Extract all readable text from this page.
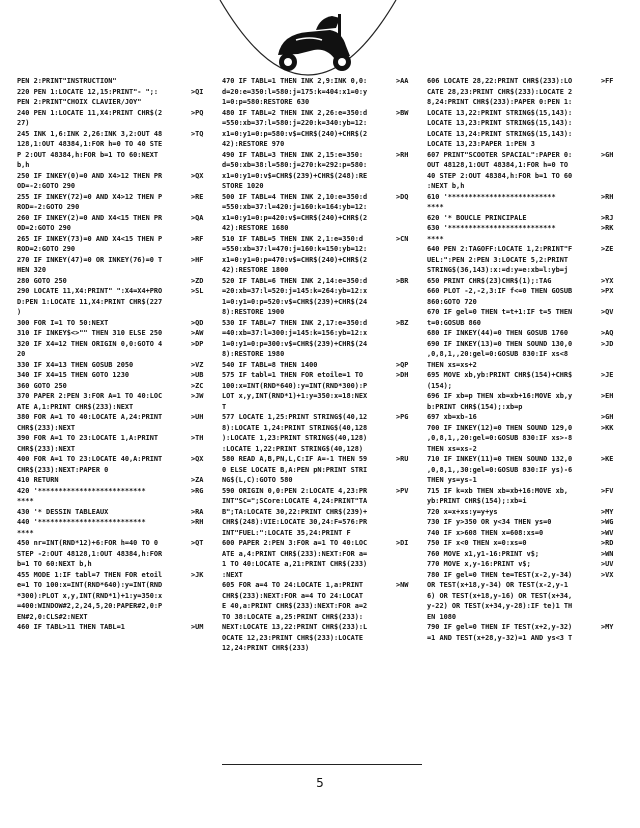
PEN 2:PRINT"INSTRUCTION"
220 PEN 1:LOCATE 12,15:PRINT"- ";:	>QI
PEN 2:PRINT"CHOIX CLAVIER/JOY"
240 PEN 1:LOCATE 11,X4:PRINT CHR$(2	>PQ
27)
245 INK 1,6:INK 2,26:INK 3,2:OUT 48	>TQ
128,1:OUT 48384,1:FOR h=0 TO 40 STE
P 2:OUT 48384,h:FOR b=1 TO 60:NEXT
b,h
250 IF INKEY(0)=0 AND X4>12 THEN PR	>QX
OD=-2:GOTO 290
255 IF INKEY(72)=0 AND X4>12 THEN P	>RE
ROD=-2:GOTO 290
260 IF INKEY(2)=0 AND X4<15 THEN PR	>QA
OD=2:GOTO 290
265 IF INKEY(73)=0 AND X4<15 THEN P	>RF
ROD=2:GOTO 290
270 IF INKEY(47)=0 OR INKEY(76)=0 T	>HF
HEN 320
280 GOTO 250	>ZD
290 LOCATE 11,X4:PRINT" ":X4=X4+PRO	>SL
D:PEN 1:LOCATE 11,X4:PRINT CHR$(227
)
300 FOR I=1 TO 50:NEXT	>QD
310 IF INKEY$<>"" THEN 310 ELSE 250	>AW
320 IF X4=12 THEN ORIGIN 0,0:GOTO 4	>DP
20
330 IF X4=13 THEN GOSUB 2050	>VZ
340 IF X4=15 THEN GOTO 1230	>UB
360 GOTO 250	>ZC
370 PAPER 2:PEN 3:FOR A=1 TO 40:LOC	>JW
ATE A,1:PRINT CHR$(233):NEXT
380 FOR A=1 TO 40:LOCATE A,24:PRINT	>UH
CHR$(233):NEXT
390 FOR A=1 TO 23:LOCATE 1,A:PRINT	>TH
CHR$(233):NEXT
400 FOR A=1 TO 23:LOCATE 40,A:PRINT	>QX
CHR$(233):NEXT:PAPER 0
410 RETURN	>ZA
420 '**************************	>RG
****
430 '* DESSIN TABLEAUX	>RA
440 '**************************	>RH
****
450 nr=INT(RND*12)+6:FOR h=40 TO 0	>QT
STEP -2:OUT 48128,1:OUT 48384,h:FOR
b=1 TO 60:NEXT b,h
455 MODE 1:IF tabl=7 THEN FOR etoil	>JK
e=1 TO 100:x=INT(RND*640):y=INT(RND
*300):PLOT x,y,INT(RND*1)+1:y=350:x
=400:WINDOW#2,2,24,5,20:PAPER#2,0:P
EN#2,0:CLS#2:NEXT
460 IF TABL>11 THEN TABL=1	>UM
470 IF TABL=1 THEN INK 2,9:INK 0,0:	>AA
d=20:e=350:l=580:j=175:k=404:x1=0:y
1=0:p=580:RESTORE 630
480 IF TABL=2 THEN INK 2,26:e=350:d	>BW
=550:xb=37:l=580:j=220:k=340:yb=12:
x1=0:y1=0:p=580:v$=CHR$(240)+CHR$(2
42):RESTORE 970
490 IF TABL=3 THEN INK 2,15:e=350:	>RH
d=50:xb=38:l=580:j=270:k=292:p=580:
x1=0:y1=0:v$=CHR$(239)+CHR$(248):RE
STORE 1020
500 IF TABL=4 THEN INK 2,10:e=350:d	>DQ
=550:xb=37:l=420:j=160:k=164:yb=12:
x1=0:y1=0:p=420:v$=CHR$(240)+CHR$(2
42):RESTORE 1680
510 IF TABL=5 THEN INK 2,1:e=350:d	>CN
=550:xb=37:l=470:j=160:k=150:yb=12:
x1=0:y1=0:p=470:v$=CHR$(240)+CHR$(2
42):RESTORE 1800
520 IF TABL=6 THEN INK 2,14:e=350:d	>BR
=20:xb=37:l=520:j=145:k=264:yb=12:x
1=0:y1=0:p=520:v$=CHR$(239)+CHR$(24
8):RESTORE 1900
530 IF TABL=7 THEN INK 2,17:e=350:d	>BZ
=40:xb=37:l=300:j=145:k=156:yb=12:x
1=0:y1=0:p=300:v$=CHR$(239)+CHR$(24
8):RESTORE 1980
540 IF TABL=8 THEN 1400	>QP
575 IF tabl=1 THEN FOR etoile=1 TO	>DH
100:x=INT(RND*640):y=INT(RND*300):P
LOT x,y,INT(RND*1)+1:y=350:x=18:NEX
T
577 LOCATE 1,25:PRINT STRING$(40,12	>PG
8):LOCATE 1,24:PRINT STRING$(40,128
):LOCATE 1,23:PRINT STRING$(40,128)
:LOCATE 1,22:PRINT STRING$(40,128)
580 READ A,B,PN,L,C:IF A=-1 THEN 59	>RU
0 ELSE LOCATE B,A:PEN pN:PRINT STRI
NG$(L,C):GOTO 580
590 ORIGIN 0,0:PEN 2:LOCATE 4,23:PR	>PV
INT"SC=";SCore:LOCATE 4,24:PRINT"TA
B";TA:LOCATE 30,22:PRINT CHR$(239)+
CHR$(248):VIE:LOCATE 30,24:F=576:PR
INT"FUEL:":LOCATE 35,24:PRINT F
600 PAPER 2:PEN 3:FOR a=1 TO 40:LOC	>DI
ATE a,4:PRINT CHR$(233):NEXT:FOR a=
1 TO 40:LOCATE a,21:PRINT CHR$(233)
:NEXT
605 FOR a=4 TO 24:LOCATE 1,a:PRINT	>NW
CHR$(233):NEXT:FOR a=4 TO 24:LOCAT
E 40,a:PRINT CHR$(233):NEXT:FOR a=2
TO 38:LOCATE a,25:PRINT CHR$(233):
NEXT:LOCATE 13,22:PRINT CHR$(233):L
OCATE 12,23:PRINT CHR$(233):LOCATE
12,24:PRINT CHR$(233)
606 LOCATE 28,22:PRINT CHR$(233):LO	>FF
CATE 28,23:PRINT CHR$(233):LOCATE 2
8,24:PRINT CHR$(233):PAPER 0:PEN 1:
LOCATE 13,22:PRINT STRING$(15,143):
LOCATE 13,23:PRINT STRING$(15,143):
LOCATE 13,24:PRINT STRING$(15,143):
LOCATE 13,23:PAPER 1:PEN 3
607 PRINT"SCOOTER SPACIAL":PAPER 0:	>GH
OUT 48128,1:OUT 48384,1:FOR h=0 TO
40 STEP 2:OUT 48384,h:FOR b=1 TO 60
:NEXT b,h
610 '**************************	>RH
****
620 '* BOUCLE PRINCIPALE	>RJ
630 '**************************	>RK
****
640 PEN 2:TAGOFF:LOCATE 1,2:PRINT"F	>ZE
UEL:":PEN 2:PEN 3:LOCATE 5,2:PRINT
STRING$(36,143):x:=d:y=e:xb=l:yb=j
650 PRINT CHR$(23)CHR$(1);:TAG	>YX
660 PLOT -2,-2,3:IF f<=0 THEN GOSUB	>PX
860:GOTO 720
670 IF gel=0 THEN t=t+1:IF t=5 THEN	>QV
t=0:GOSUB 860
680 IF INKEY(44)=0 THEN GOSUB 1760	>AQ
690 IF INKEY(13)=0 THEN SOUND 130,0	>JD
,0,8,1,,20:gel=0:GOSUB 830:IF xs<8
THEN xs=xs+2
695 MOVE xb,yb:PRINT CHR$(154)+CHR$	>JE
(154);
696 IF xb=p THEN xb=xb+16:MOVE xb,y	>EH
b:PRINT CHR$(154);:xb=p
697 xb=xb-16	>GH
700 IF INKEY(12)=0 THEN SOUND 129,0	>KK
,0,8,1,,20:gel=0:GOSUB 830:IF xs>-8
THEN xs=xs-2
710 IF INKEY(11)=0 THEN SOUND 132,0	>KE
,0,8,1,,30:gel=0:GOSUB 830:IF ys)-6
THEN ys=ys-1
715 IF k=xb THEN xb=xb+16:MOVE xb,	>FV
yb:PRINT CHR$(154);:xb=i
720 x=x+xs:y=y+ys	>MY
730 IF y>350 OR y<34 THEN ys=0	>WG
740 IF x>608 THEN x=608:xs=0	>WV
750 IF x<0 THEN x=0:xs=0	>RD
760 MOVE x1,y1-16:PRINT v$;	>WN
770 MOVE x,y-16:PRINT v$;	>UV
780 IF gel=0 THEN te=TEST(x-2,y-34)	>VX
OR TEST(x+18,y-34) OR TEST(x-2,y-1
6) OR TEST(x+18,y-16) OR TEST(x+34,
y-22) OR TEST(x+34,y-28):IF te)1 TH
EN 1080
790 IF gel=0 THEN IF TEST(x+2,y-32)	>MY
=1 AND TEST(x+28,y-32)=1 AND ys<3 T
5
